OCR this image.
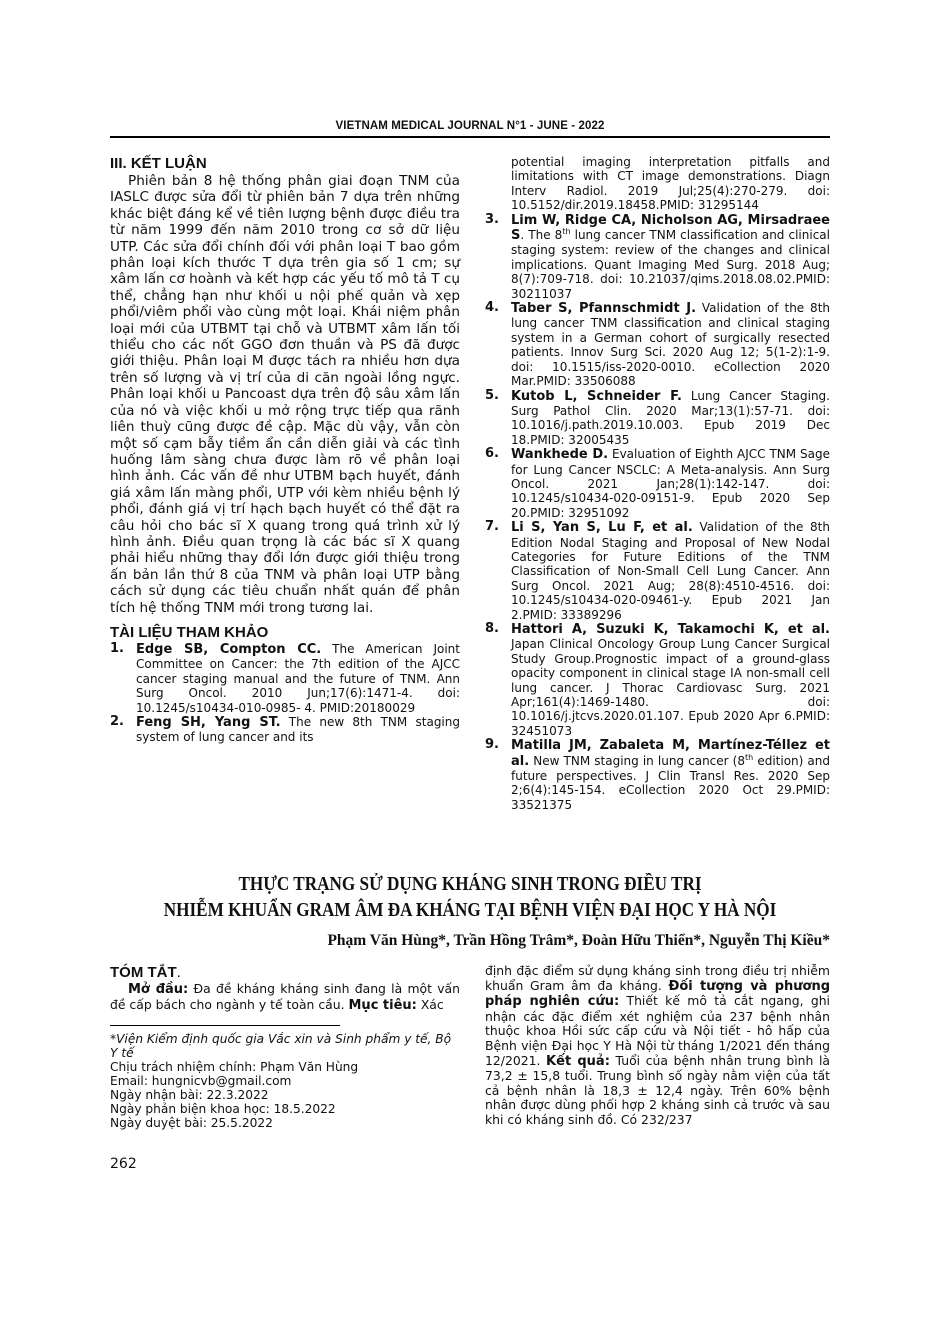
VIETNAM MEDICAL JOURNAL N°1 - JUNE - 2022
III. KẾT LUẬN

Phiên bản 8 hệ thống phân giai đoạn TNM của IASLC được sửa đổi từ phiên bản 7 dựa trên những khác biệt đáng kể về tiên lượng bệnh được điều tra từ năm 1999 đến năm 2010 trong cơ sở dữ liệu UTP. Các sửa đổi chính đối với phân loại T bao gồm phân loại kích thước T dựa trên gia số 1 cm; sự xâm lấn cơ hoành và kết hợp các yếu tố mô tả T cụ thể, chẳng hạn như khối u nội phế quản và xẹp phổi/viêm phổi vào cùng một loại. Khái niệm phân loại mới của UTBMT tại chỗ và UTBMT xâm lấn tối thiểu cho các nốt GGO đơn thuần và PS đã được giới thiệu. Phân loại M được tách ra nhiều hơn dựa trên số lượng và vị trí của di căn ngoài lồng ngực. Phân loại khối u Pancoast dựa trên độ sâu xâm lấn của nó và việc khối u mở rộng trực tiếp qua rãnh liên thuỳ cũng được đề cập. Mặc dù vậy, vẫn còn một số cạm bẫy tiềm ẩn cần diễn giải và các tình huống lâm sàng chưa được làm rõ về phân loại hình ảnh. Các vấn đề như UTBM bạch huyết, đánh giá xâm lấn màng phổi, UTP với kèm nhiều bệnh lý phổi, đánh giá vị trí hạch bạch huyết có thể đặt ra câu hỏi cho bác sĩ X quang trong quá trình xử lý hình ảnh. Điều quan trọng là các bác sĩ X quang phải hiểu những thay đổi lớn được giới thiệu trong ấn bản lần thứ 8 của TNM và phân loại UTP bằng cách sử dụng các tiêu chuẩn nhất quán để phân tích hệ thống TNM mới trong tương lai.

TÀI LIỆU THAM KHẢO
1. Edge SB, Compton CC. The American Joint Committee on Cancer: the 7th edition of the AJCC cancer staging manual and the future of TNM. Ann Surg Oncol. 2010 Jun;17(6):1471-4. doi: 10.1245/s10434-010-0985- 4. PMID:20180029
2. Feng SH, Yang ST. The new 8th TNM staging system of lung cancer and its
potential imaging interpretation pitfalls and limitations with CT image demonstrations. Diagn Interv Radiol. 2019 Jul;25(4):270-279. doi: 10.5152/dir.2019.18458.PMID: 31295144
3. Lim W, Ridge CA, Nicholson AG, Mirsadraee S. The 8th lung cancer TNM classification and clinical staging system: review of the changes and clinical implications. Quant Imaging Med Surg. 2018 Aug; 8(7):709-718. doi: 10.21037/qims.2018.08.02.PMID: 30211037
4. Taber S, Pfannschmidt J. Validation of the 8th lung cancer TNM classification and clinical staging system in a German cohort of surgically resected patients. Innov Surg Sci. 2020 Aug 12; 5(1-2):1-9. doi: 10.1515/iss-2020-0010. eCollection 2020 Mar.PMID: 33506088
5. Kutob L, Schneider F. Lung Cancer Staging. Surg Pathol Clin. 2020 Mar;13(1):57-71. doi: 10.1016/j.path.2019.10.003. Epub 2019 Dec 18.PMID: 32005435
6. Wankhede D. Evaluation of Eighth AJCC TNM Sage for Lung Cancer NSCLC: A Meta-analysis. Ann Surg Oncol. 2021 Jan;28(1):142-147. doi: 10.1245/s10434-020-09151-9. Epub 2020 Sep 20.PMID: 32951092
7. Li S, Yan S, Lu F, et al. Validation of the 8th Edition Nodal Staging and Proposal of New Nodal Categories for Future Editions of the TNM Classification of Non-Small Cell Lung Cancer. Ann Surg Oncol. 2021 Aug; 28(8):4510-4516. doi: 10.1245/s10434-020-09461-y. Epub 2021 Jan 2.PMID: 33389296
8. Hattori A, Suzuki K, Takamochi K, et al. Japan Clinical Oncology Group Lung Cancer Surgical Study Group.Prognostic impact of a ground-glass opacity component in clinical stage IA non-small cell lung cancer. J Thorac Cardiovasc Surg. 2021 Apr;161(4):1469-1480. doi: 10.1016/j.jtcvs.2020.01.107. Epub 2020 Apr 6.PMID: 32451073
9. Matilla JM, Zabaleta M, Martínez-Téllez et al. New TNM staging in lung cancer (8th edition) and future perspectives. J Clin Transl Res. 2020 Sep 2;6(4):145-154. eCollection 2020 Oct 29.PMID: 33521375
THỰC TRẠNG SỬ DỤNG KHÁNG SINH TRONG ĐIỀU TRỊ
NHIỄM KHUẨN GRAM ÂM ĐA KHÁNG TẠI BỆNH VIỆN ĐẠI HỌC Y HÀ NỘI
Phạm Văn Hùng*, Trần Hồng Trâm*, Đoàn Hữu Thiển*, Nguyễn Thị Kiều*
TÓM TẮT.

Mở đầu: Đa đề kháng kháng sinh đang là một vấn đề cấp bách cho ngành y tế toàn cầu. Mục tiêu: Xác

*Viện Kiểm định quốc gia Vắc xin và Sinh phẩm y tế, Bộ Y tế
Chịu trách nhiệm chính: Phạm Văn Hùng
Email: hungnicvb@gmail.com
Ngày nhận bài: 22.3.2022
Ngày phản biện khoa học: 18.5.2022
Ngày duyệt bài: 25.5.2022

định đặc điểm sử dụng kháng sinh trong điều trị nhiễm khuẩn Gram âm đa kháng. Đối tượng và phương pháp nghiên cứu: Thiết kế mô tả cắt ngang, ghi nhận các đặc điểm xét nghiệm của 237 bệnh nhân thuộc khoa Hồi sức cấp cứu và Nội tiết - hô hấp của Bệnh viện Đại học Y Hà Nội từ tháng 1/2021 đến tháng 12/2021. Kết quả: Tuổi của bệnh nhân trung bình là 73,2 ± 15,8 tuổi. Trung bình số ngày nằm viện của tất cả bệnh nhân là 18,3 ± 12,4 ngày. Trên 60% bệnh nhân được dùng phối hợp 2 kháng sinh cả trước và sau khi có kháng sinh đồ. Có 232/237

262
